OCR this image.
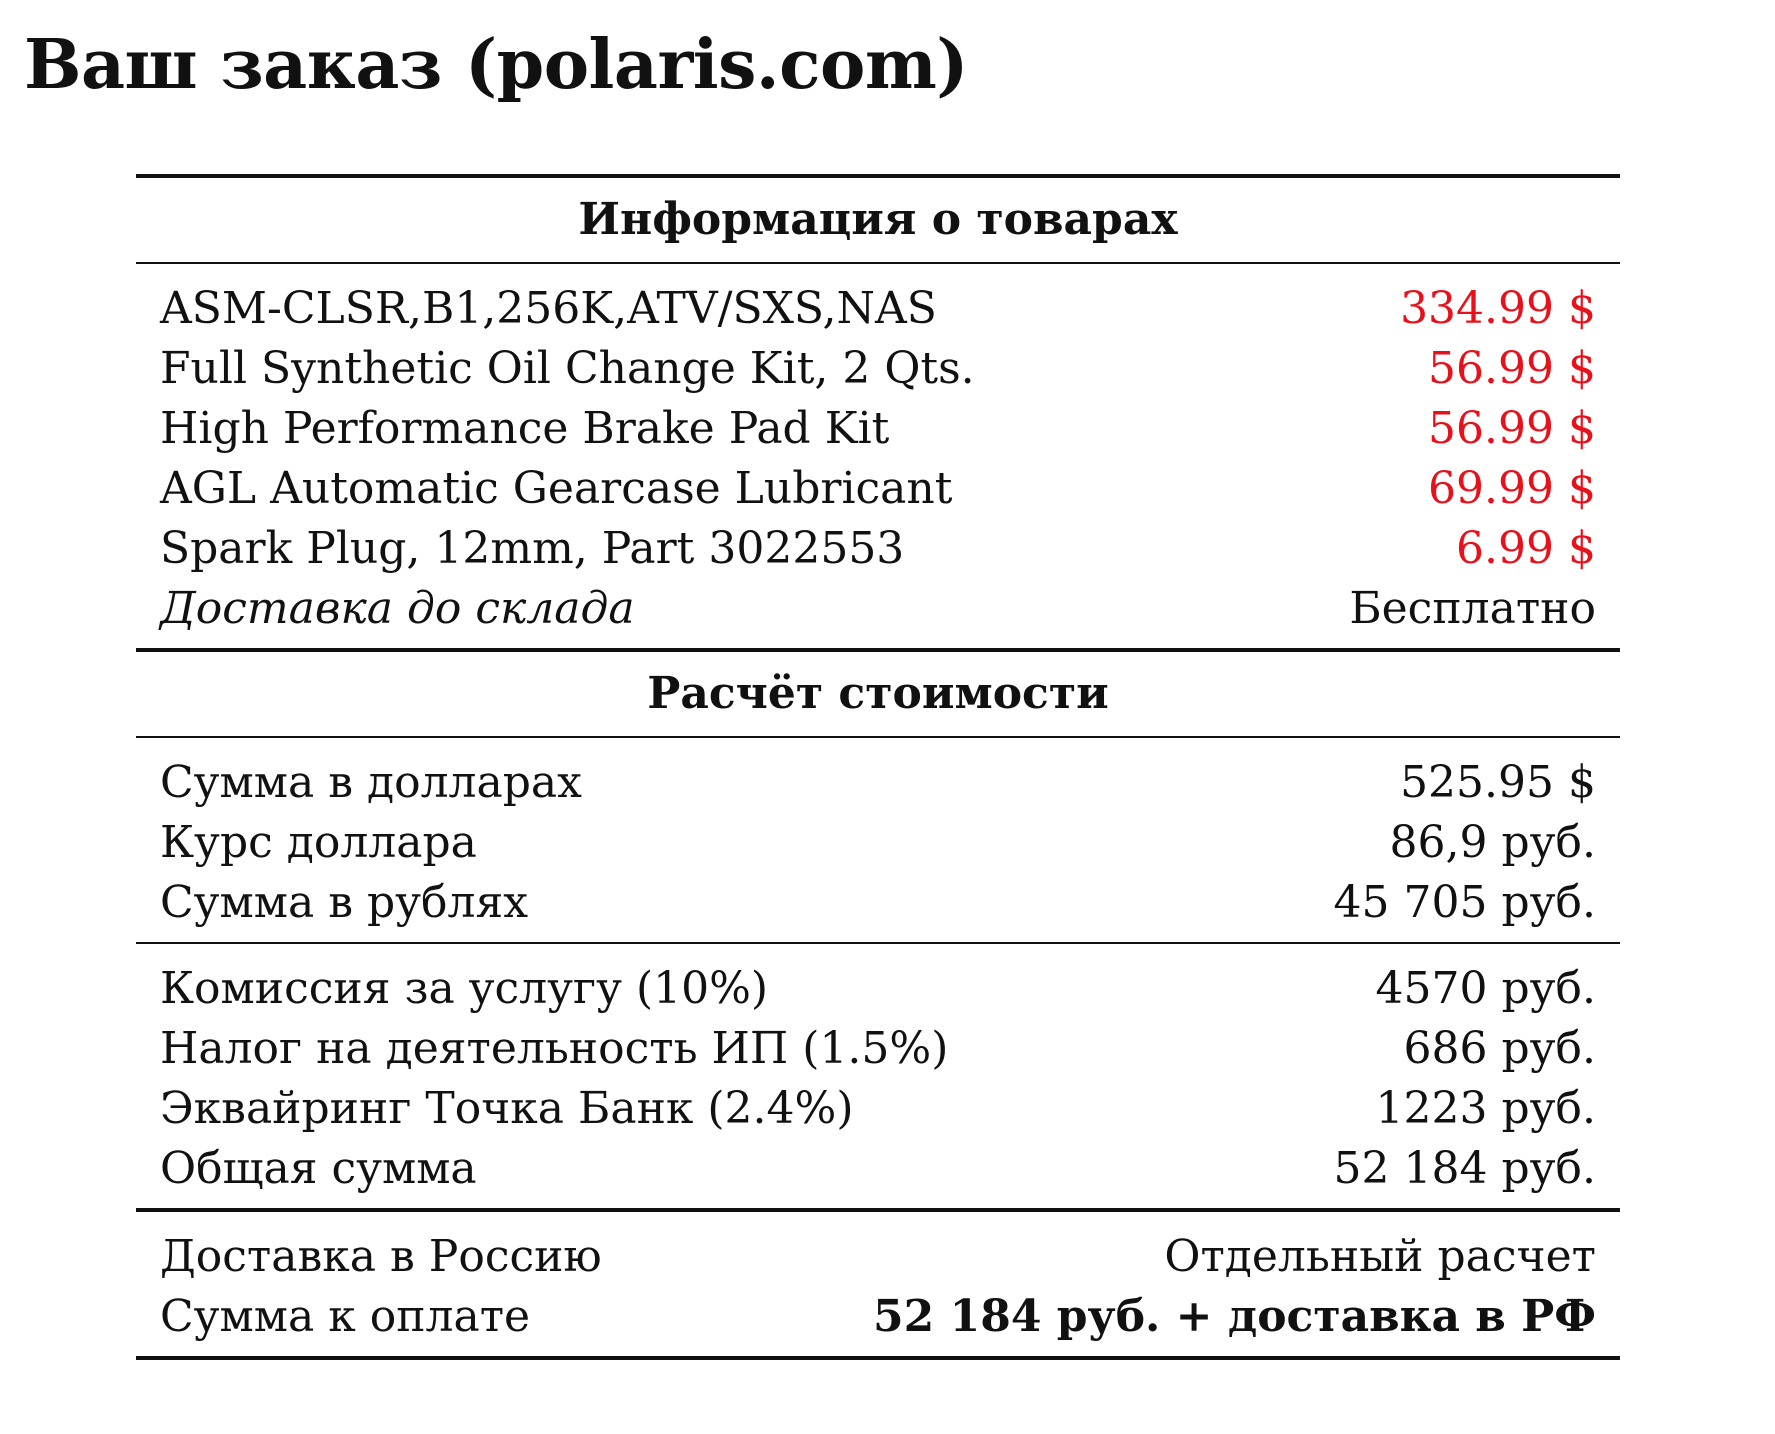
Ваш заказ (polaris.com)
Информация о товарах
ASM-CLSR,B1,256K,ATV/SXS,NAS	334.99 $
Full Synthetic Oil Change Kit, 2 Qts.	56.99 $
High Performance Brake Pad Kit	56.99 $
AGL Automatic Gearcase Lubricant	69.99 $
Spark Plug, 12mm, Part 3022553	6.99 $
Доставка до склада	Бесплатно
Расчёт стоимости
Сумма в долларах	525.95 $
Курс доллара	86,9 руб.
Сумма в рублях	45 705 руб.
Комиссия за услугу (10%)	4570 руб.
Налог на деятельность ИП (1.5%)	686 руб.
Эквайринг Точка Банк (2.4%)	1223 руб.
Общая сумма	52 184 руб.
Доставка в Россию	Отдельный расчет
Сумма к оплате	52 184 руб. + доставка в РФ
